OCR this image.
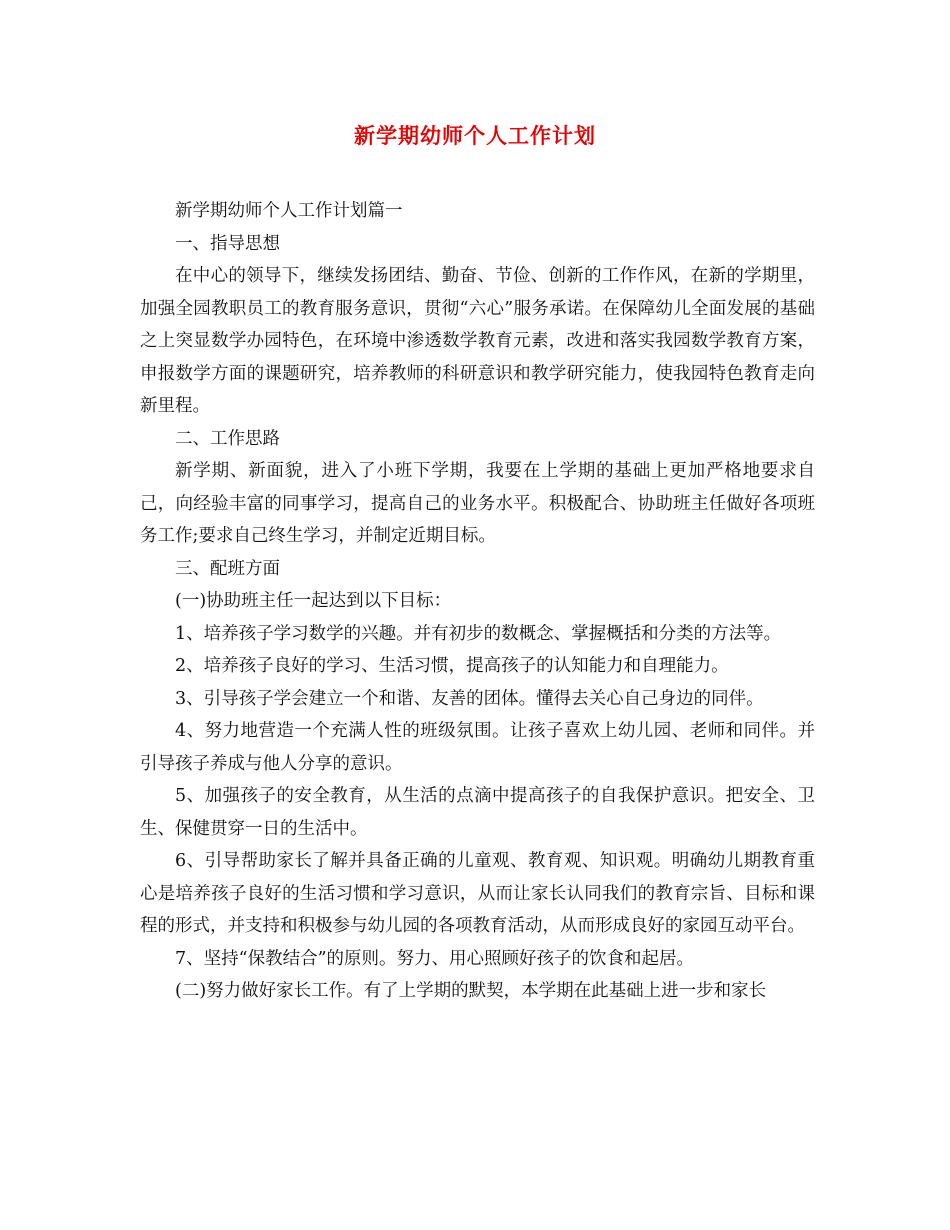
新学期幼师个人工作计划

新学期幼师个人工作计划篇一

一、指导思想

在中心的领导下，继续发扬团结、勤奋、节俭、创新的工作作风，在新的学期里，加强全园教职员工的教育服务意识，贯彻“六心”服务承诺。在保障幼儿全面发展的基础之上突显数学办园特色，在环境中渗透数学教育元素，改进和落实我园数学教育方案，申报数学方面的课题研究，培养教师的科研意识和教学研究能力，使我园特色教育走向新里程。

二、工作思路

新学期、新面貌，进入了小班下学期，我要在上学期的基础上更加严格地要求自己，向经验丰富的同事学习，提高自己的业务水平。积极配合、协助班主任做好各项班务工作;要求自己终生学习，并制定近期目标。

三、配班方面

(一)协助班主任一起达到以下目标：

1、培养孩子学习数学的兴趣。并有初步的数概念、掌握概括和分类的方法等。

2、培养孩子良好的学习、生活习惯，提高孩子的认知能力和自理能力。

3、引导孩子学会建立一个和谐、友善的团体。懂得去关心自己身边的同伴。

4、努力地营造一个充满人性的班级氛围。让孩子喜欢上幼儿园、老师和同伴。并引导孩子养成与他人分享的意识。

5、加强孩子的安全教育，从生活的点滴中提高孩子的自我保护意识。把安全、卫生、保健贯穿一日的生活中。

6、引导帮助家长了解并具备正确的儿童观、教育观、知识观。明确幼儿期教育重心是培养孩子良好的生活习惯和学习意识，从而让家长认同我们的教育宗旨、目标和课程的形式，并支持和积极参与幼儿园的各项教育活动，从而形成良好的家园互动平台。

7、坚持“保教结合”的原则。努力、用心照顾好孩子的饮食和起居。

(二)努力做好家长工作。有了上学期的默契，本学期在此基础上进一步和家长
